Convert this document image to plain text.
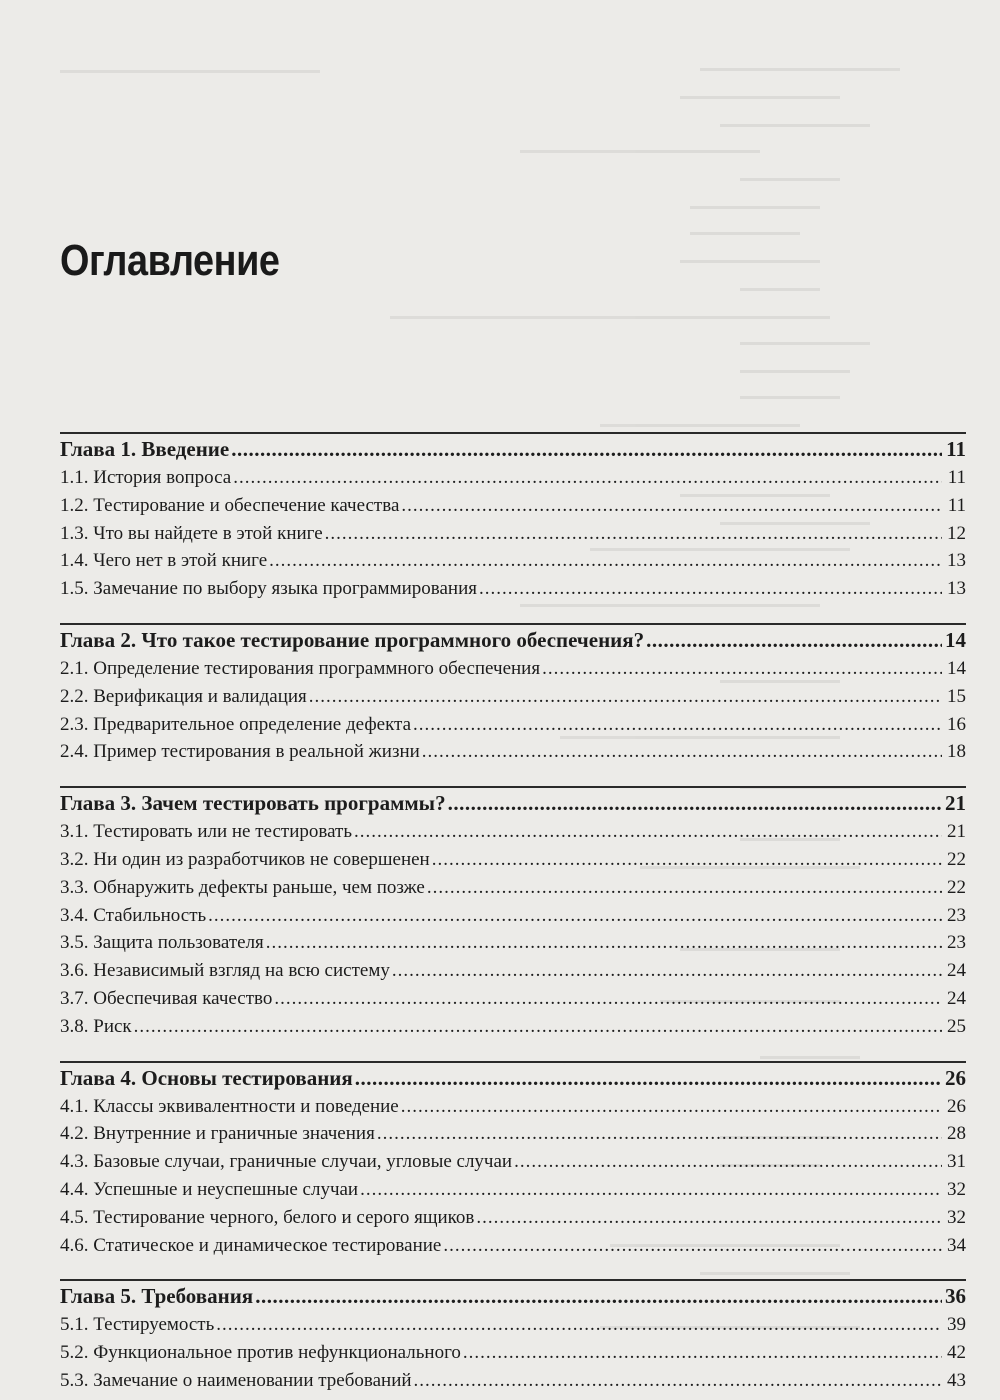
Оглавление
Глава 1. Введение .....	11
1.1. История вопроса .....	11
1.2. Тестирование и обеспечение качества .....	11
1.3. Что вы найдете в этой книге .....	12
1.4. Чего нет в этой книге .....	13
1.5. Замечание по выбору языка программирования .....	13
Глава 2. Что такое тестирование программного обеспечения? .....	14
2.1. Определение тестирования программного обеспечения .....	14
2.2. Верификация и валидация .....	15
2.3. Предварительное определение дефекта .....	16
2.4. Пример тестирования в реальной жизни .....	18
Глава 3. Зачем тестировать программы? .....	21
3.1. Тестировать или не тестировать .....	21
3.2. Ни один из разработчиков не совершенен .....	22
3.3. Обнаружить дефекты раньше, чем позже .....	22
3.4. Стабильность .....	23
3.5. Защита пользователя .....	23
3.6. Независимый взгляд на всю систему .....	24
3.7. Обеспечивая качество .....	24
3.8. Риск .....	25
Глава 4. Основы тестирования .....	26
4.1. Классы эквивалентности и поведение .....	26
4.2. Внутренние и граничные значения .....	28
4.3. Базовые случаи, граничные случаи, угловые случаи .....	31
4.4. Успешные и неуспешные случаи .....	32
4.5. Тестирование черного, белого и серого ящиков .....	32
4.6. Статическое и динамическое тестирование .....	34
Глава 5. Требования .....	36
5.1. Тестируемость .....	39
5.2. Функциональное против нефункционального .....	42
5.3. Замечание о наименовании требований .....	43
